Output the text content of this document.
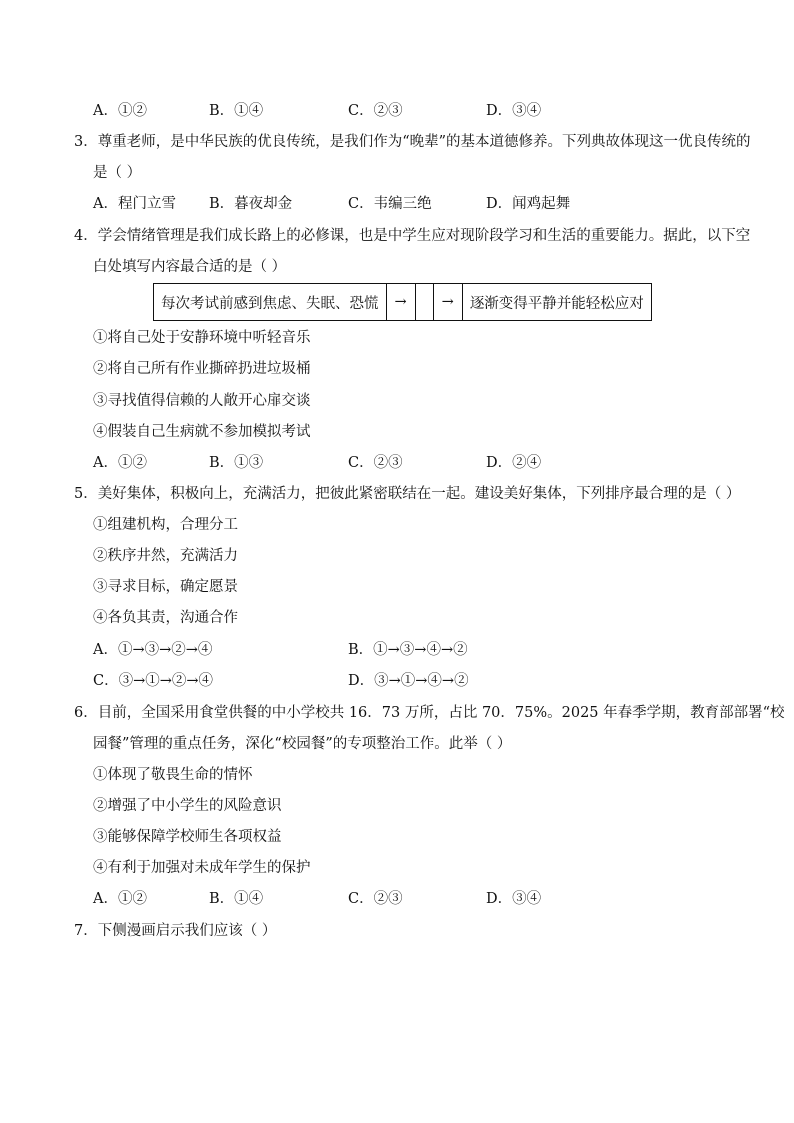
A．①②	B．①④	C．②③	D．③④
3．尊重老师，是中华民族的优良传统，是我们作为“晚辈”的基本道德修养。下列典故体现这一优良传统的
是（ ）
A．程门立雪 B．暮夜却金	C．韦编三绝	D．闻鸡起舞
4．学会情绪管理是我们成长路上的必修课，也是中学生应对现阶段学习和生活的重要能力。据此，以下空
白处填写内容最合适的是（ ）
每次考试前感到焦虑、失眠、恐慌	→		→	逐渐变得平静并能轻松应对
①将自己处于安静环境中听轻音乐
②将自己所有作业撕碎扔进垃圾桶
③寻找值得信赖的人敞开心扉交谈
④假装自己生病就不参加模拟考试
A．①②	B．①③	C．②③	D．②④
5．美好集体，积极向上，充满活力，把彼此紧密联结在一起。建设美好集体，下列排序最合理的是（ ）
①组建机构，合理分工
②秩序井然，充满活力
③寻求目标，确定愿景
④各负其责，沟通合作
A．①→③→②→④	B．①→③→④→②
C．③→①→②→④	D．③→①→④→②
6．目前，全国采用食堂供餐的中小学校共 16．73 万所，占比 70．75%。2025 年春季学期，教育部部署“校
园餐”管理的重点任务，深化“校园餐”的专项整治工作。此举（ ）
①体现了敬畏生命的情怀
②增强了中小学生的风险意识
③能够保障学校师生各项权益
④有利于加强对未成年学生的保护
A．①②	B．①④	C．②③	D．③④
7．下侧漫画启示我们应该（ ）
